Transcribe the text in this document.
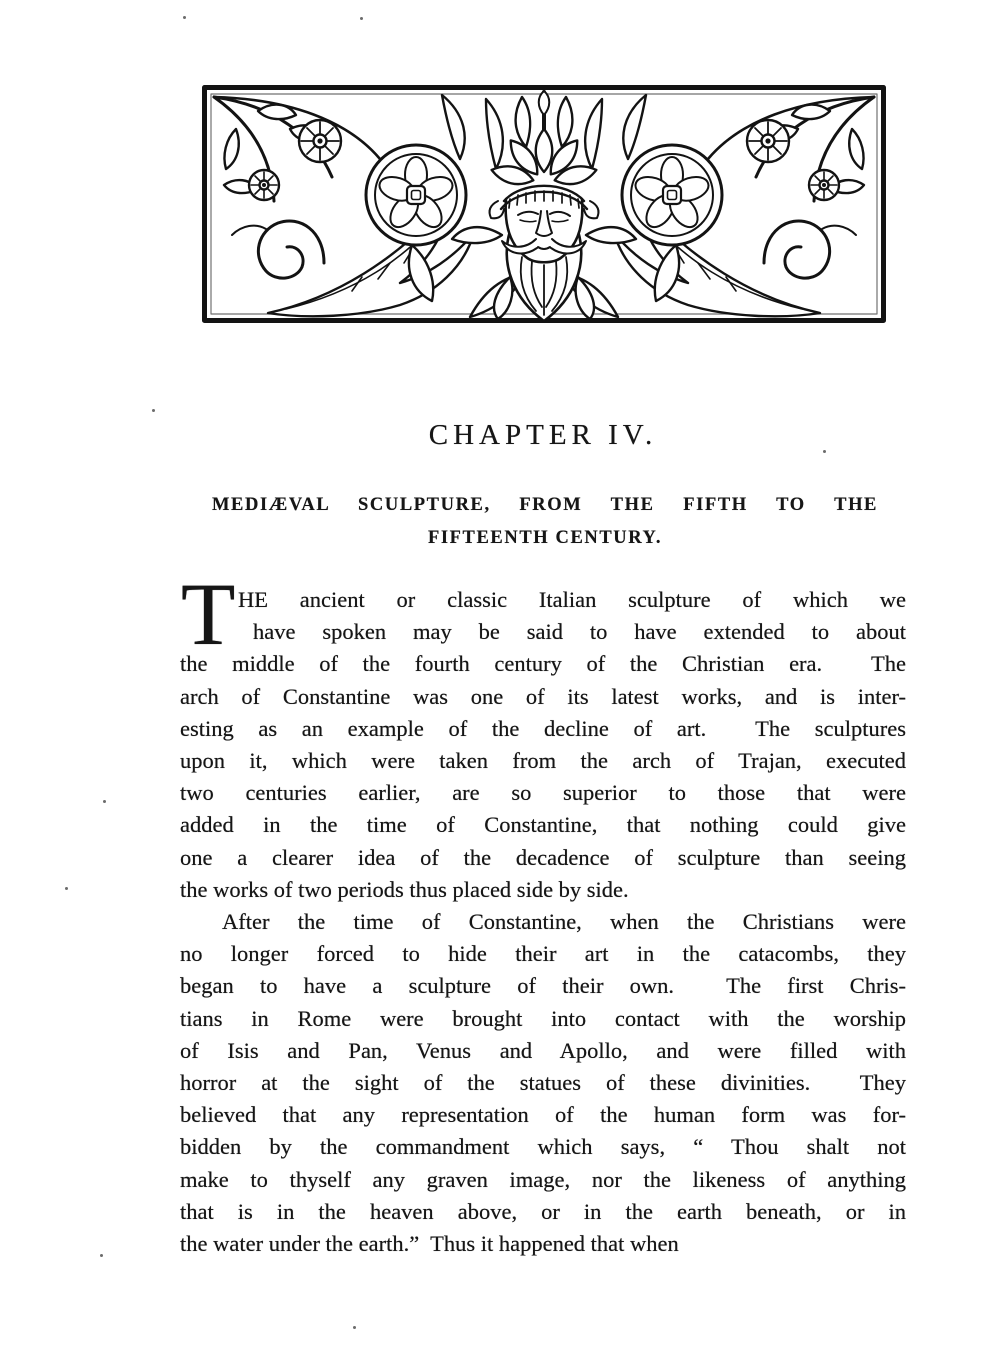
CHAPTER IV.
MEDIÆVAL SCULPTURE, FROM THE FIFTH TO THE
FIFTEENTH CENTURY.
T HE ancient or classic Italian sculpture of which we
have spoken may be said to have extended to about
the middle of the fourth century of the Christian era.  The
arch of Constantine was one of its latest works, and is inter-
esting as an example of the decline of art.  The sculptures
upon it, which were taken from the arch of Trajan, executed
two centuries earlier, are so superior to those that were
added in the time of Constantine, that nothing could give
one a clearer idea of the decadence of sculpture than seeing
the works of two periods thus placed side by side.
After the time of Constantine, when the Christians were
no longer forced to hide their art in the catacombs, they
began to have a sculpture of their own.  The first Chris-
tians in Rome were brought into contact with the worship
of Isis and Pan, Venus and Apollo, and were filled with
horror at the sight of the statues of these divinities.  They
believed that any representation of the human form was for-
bidden by the commandment which says, “ Thou shalt not
make to thyself any graven image, nor the likeness of anything
that is in the heaven above, or in the earth beneath, or in
the water under the earth.”  Thus it happened that when
